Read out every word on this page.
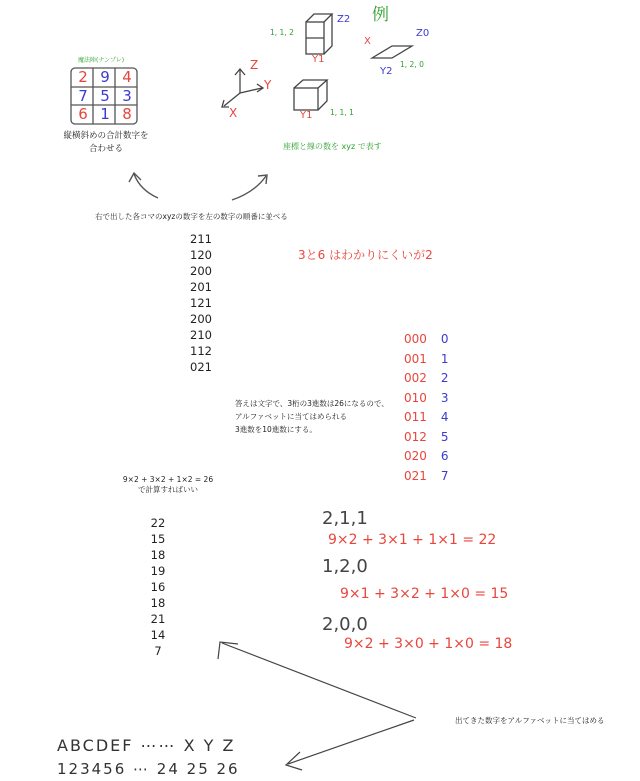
魔法陣(ナンプレ)
2 9 4
7 5 3
6 1 8
縦横斜めの合計数字を
合わせる
例
1, 1, 2
1, 1, 1
1, 2, 0
X
Y
Z	Y1
Z2
Y1
X
Z0
Y2
座標と線の数を xyz で表す
右で出した各コマのxyzの数字を左の数字の順番に並べる
211
120
200
201
121
200
210
112
021
3と6 はわかりにくいが2
000 0
001 1
002 2
010 3
011 4
012 5
020 6
021 7
答えは文字で、3桁の3進数は26になるので、
アルファベットに当てはめられる
3進数を10進数にする。
9×2 + 3×2 + 1×2 = 26
で計算すればいい
22
15
18
19
16
18
21
14
7
2,1,1
9×2 + 3×1 + 1×1 = 22
1,2,0
9×1 + 3×2 + 1×0 = 15
2,0,0
9×2 + 3×0 + 1×0 = 18
出てきた数字をアルファベットに当てはめる
ABCDEF ⋯⋯ X Y Z
123456 ⋯ 24 25 26
